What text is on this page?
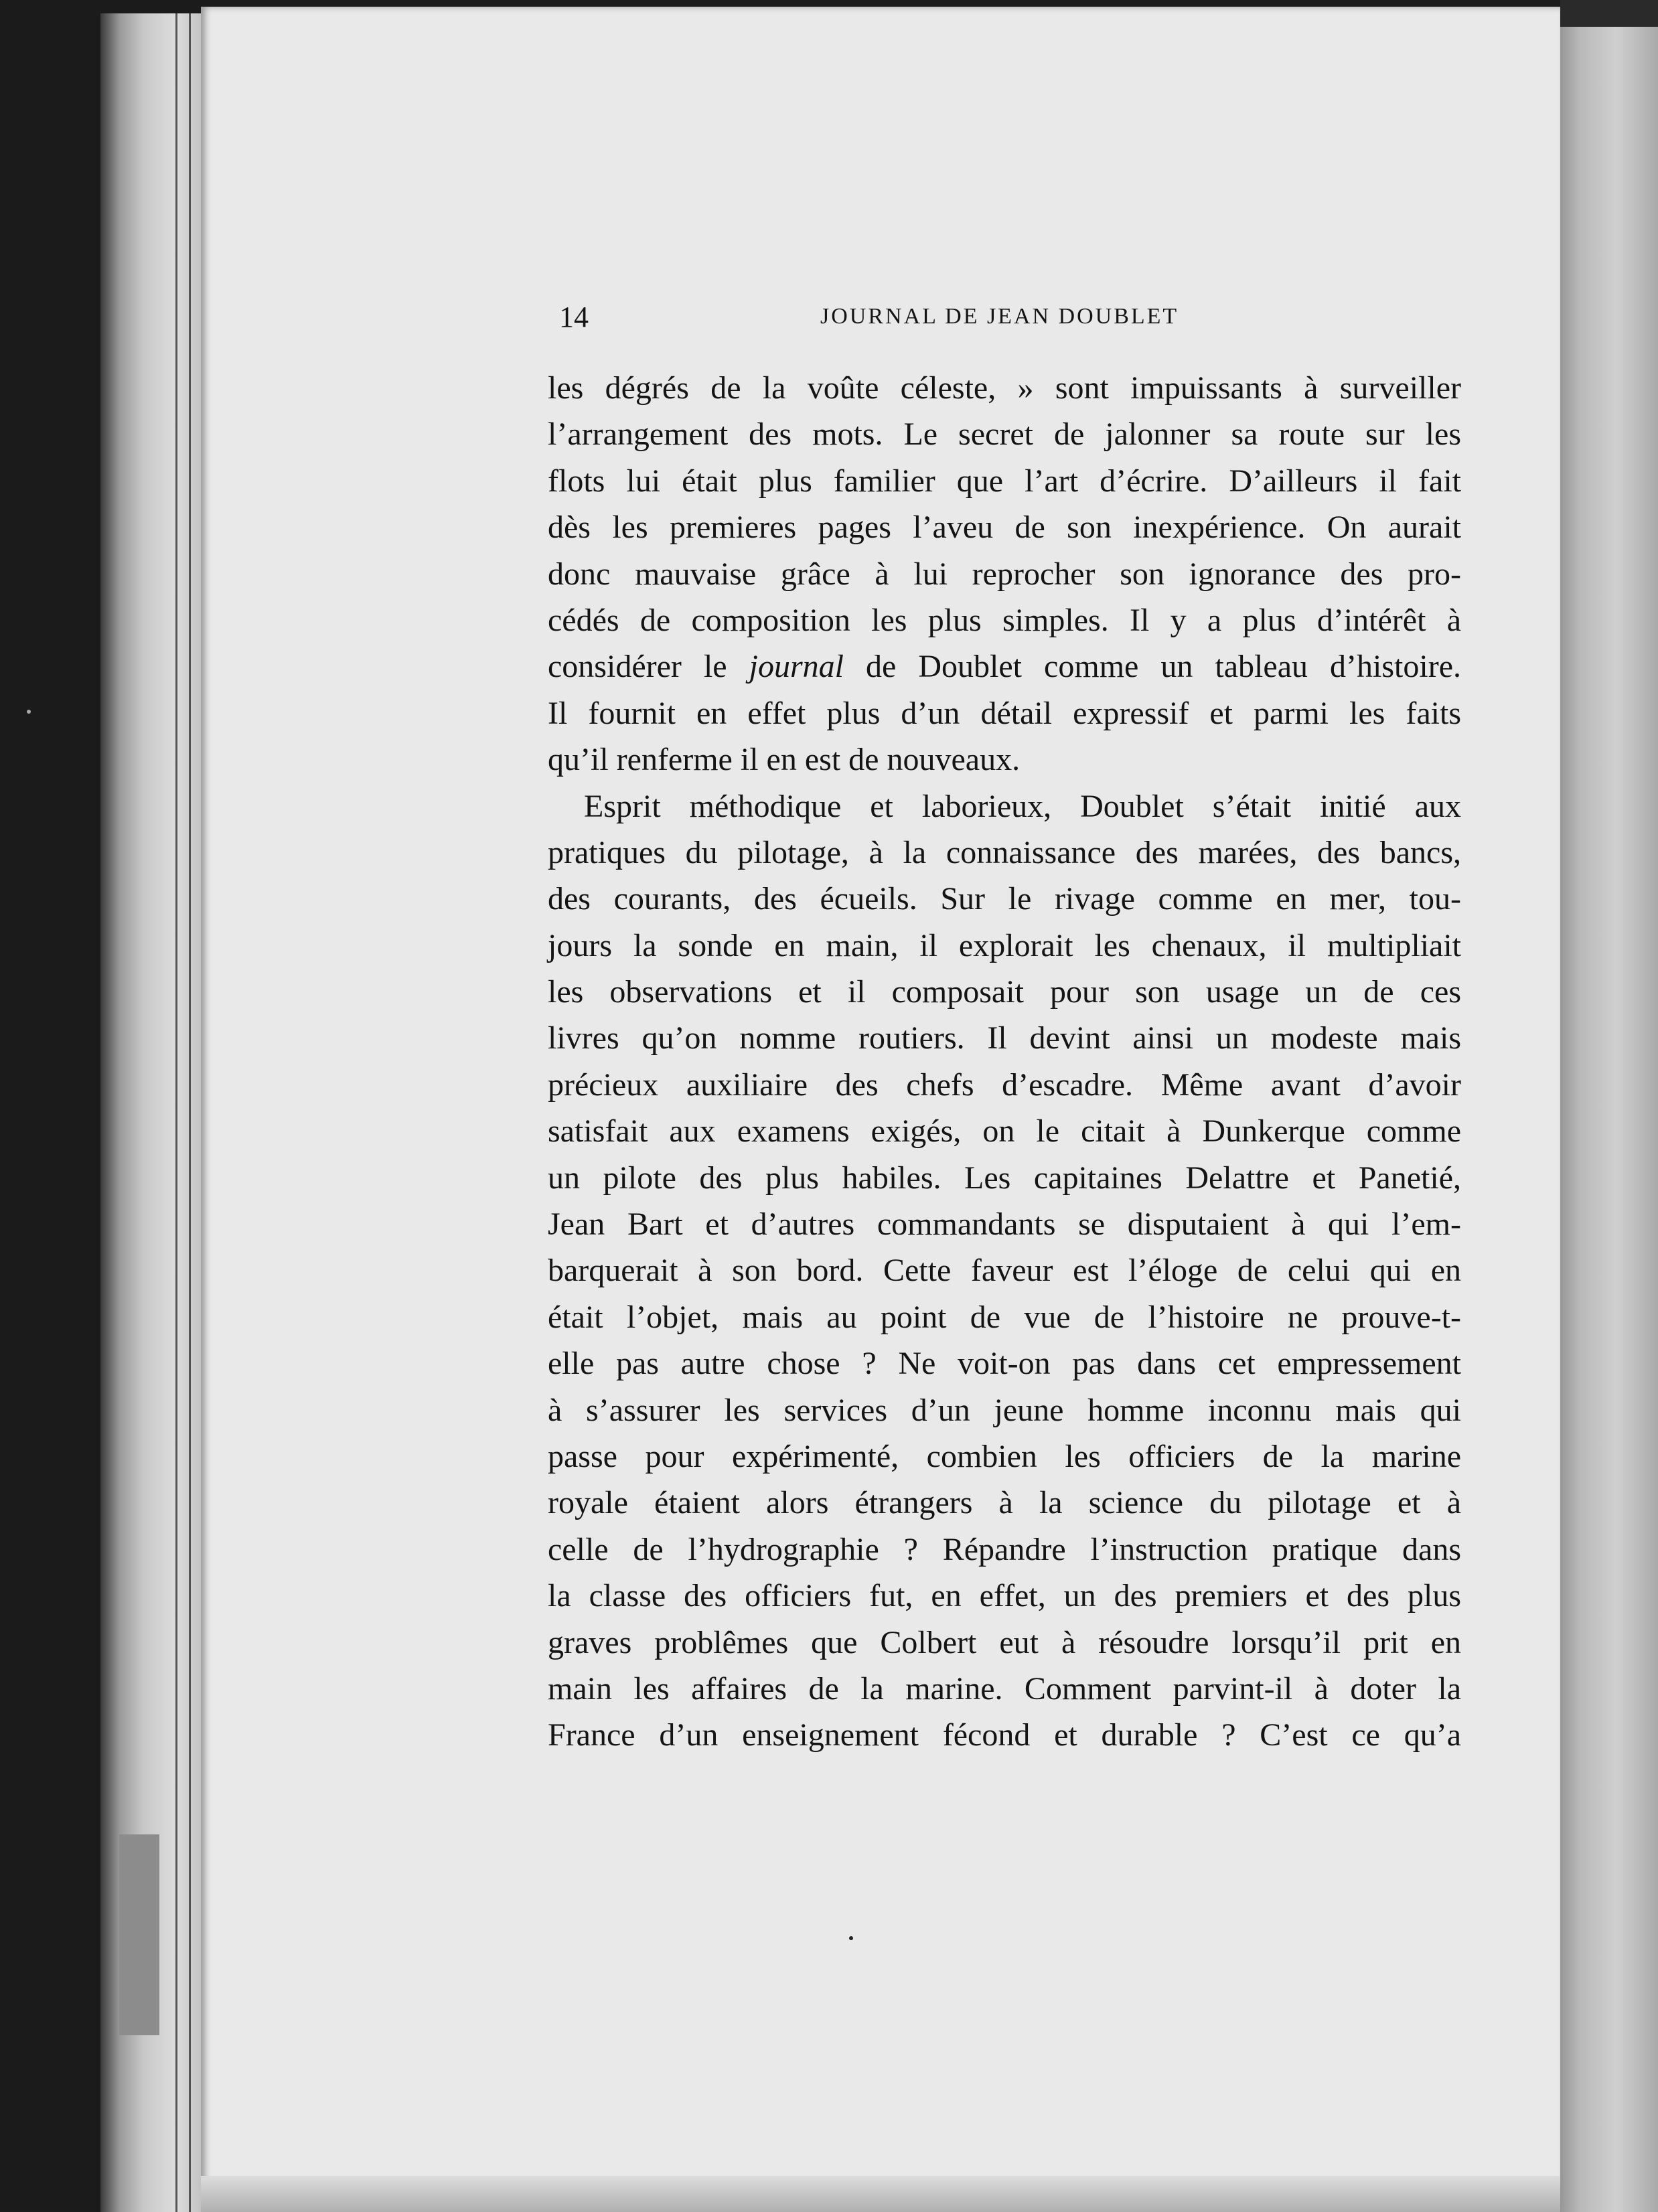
14	JOURNAL DE JEAN DOUBLET
les dégrés de la voûte céleste, » sont impuissants à surveiller
l’arrangement des mots. Le secret de jalonner sa route sur les
flots lui était plus familier que l’art d’écrire. D’ailleurs il fait
dès les premieres pages l’aveu de son inexpérience. On aurait
donc mauvaise grâce à lui reprocher son ignorance des pro-
cédés de composition les plus simples. Il y a plus d’intérêt à
considérer le journal de Doublet comme un tableau d’histoire.
Il fournit en effet plus d’un détail expressif et parmi les faits
qu’il renferme il en est de nouveaux.
Esprit méthodique et laborieux, Doublet s’était initié aux
pratiques du pilotage, à la connaissance des marées, des bancs,
des courants, des écueils. Sur le rivage comme en mer, tou-
jours la sonde en main, il explorait les chenaux, il multipliait
les observations et il composait pour son usage un de ces
livres qu’on nomme routiers. Il devint ainsi un modeste mais
précieux auxiliaire des chefs d’escadre. Même avant d’avoir
satisfait aux examens exigés, on le citait à Dunkerque comme
un pilote des plus habiles. Les capitaines Delattre et Panetié,
Jean Bart et d’autres commandants se disputaient à qui l’em-
barquerait à son bord. Cette faveur est l’éloge de celui qui en
était l’objet, mais au point de vue de l’histoire ne prouve-t-
elle pas autre chose ? Ne voit-on pas dans cet empressement
à s’assurer les services d’un jeune homme inconnu mais qui
passe pour expérimenté, combien les officiers de la marine
royale étaient alors étrangers à la science du pilotage et à
celle de l’hydrographie ? Répandre l’instruction pratique dans
la classe des officiers fut, en effet, un des premiers et des plus
graves problêmes que Colbert eut à résoudre lorsqu’il prit en
main les affaires de la marine. Comment parvint-il à doter la
France d’un enseignement fécond et durable ? C’est ce qu’a
